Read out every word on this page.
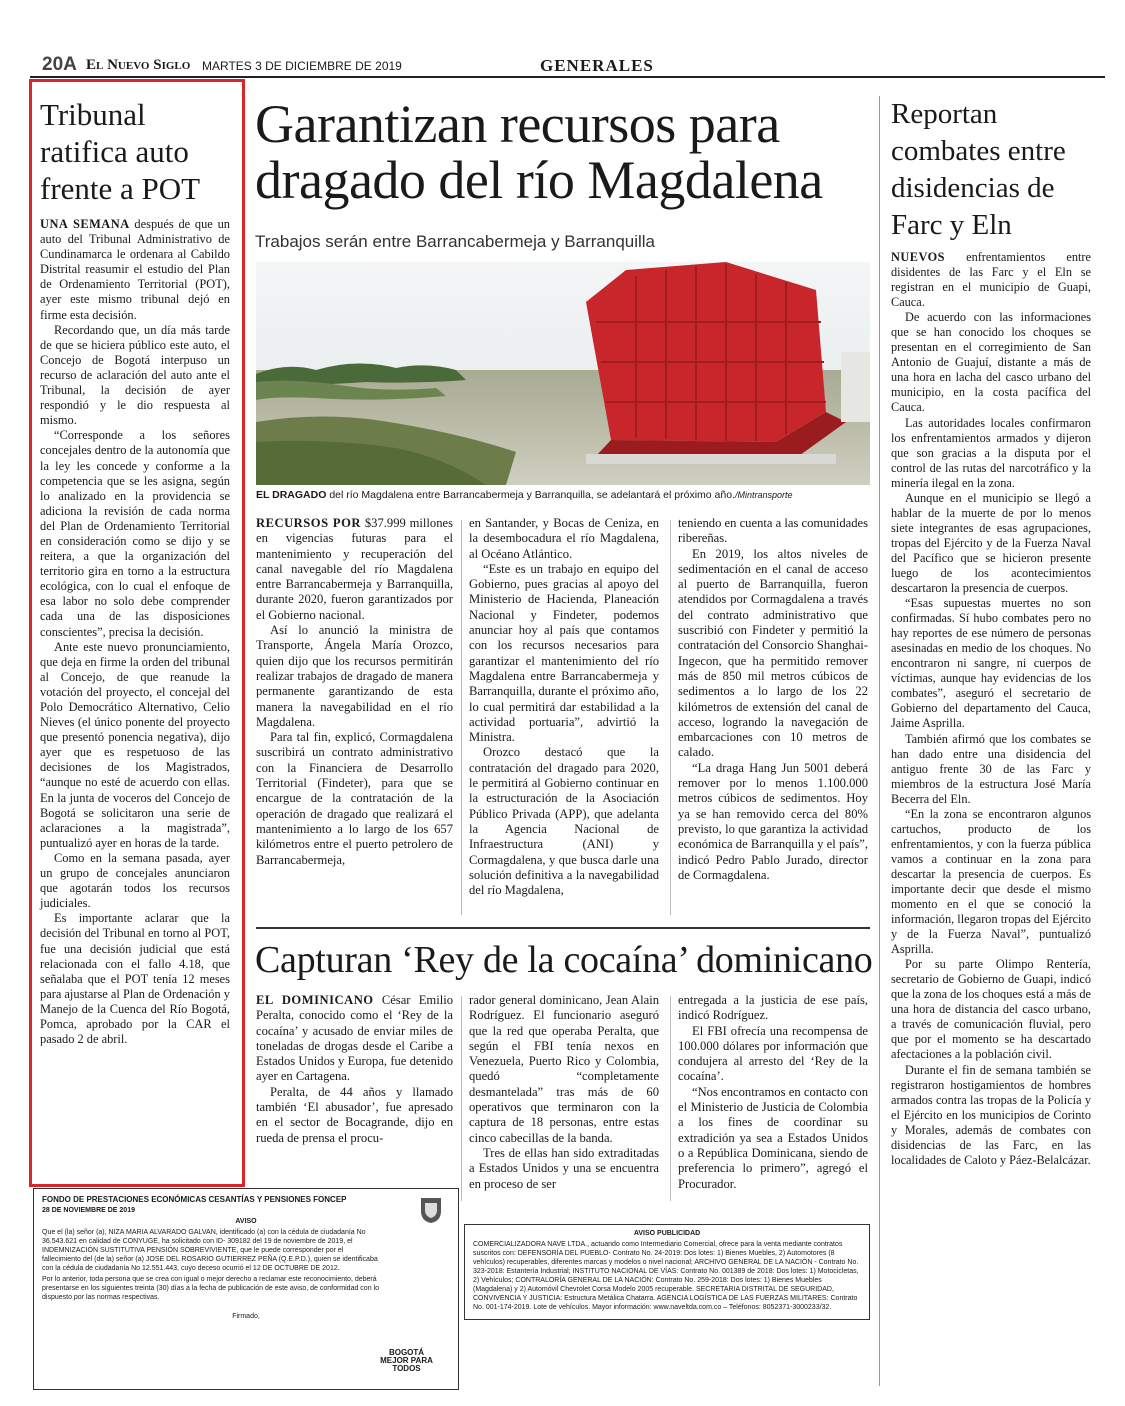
20A El Nuevo Siglo MARTES 3 DE DICIEMBRE DE 2019	GENERALES
Tribunal ratifica auto frente a POT

UNA SEMANA después de que un auto del Tribunal Administrativo de Cundinamarca le ordenara al Cabildo Distrital reasumir el estudio del Plan de Ordenamiento Territorial (POT), ayer este mismo tribunal dejó en firme esta decisión.

Recordando que, un día más tarde de que se hiciera público este auto, el Concejo de Bogotá interpuso un recurso de aclaración del auto ante el Tribunal, la decisión de ayer respondió y le dio respuesta al mismo.

“Corresponde a los señores concejales dentro de la autonomía que la ley les concede y conforme a la competencia que se les asigna, según lo analizado en la providencia se adiciona la revisión de cada norma del Plan de Ordenamiento Territorial en consideración como se dijo y se reitera, a que la organización del territorio gira en torno a la estructura ecológica, con lo cual el enfoque de esa labor no solo debe comprender cada una de las disposiciones conscientes”, precisa la decisión.

Ante este nuevo pronunciamiento, que deja en firme la orden del tribunal al Concejo, de que reanude la votación del proyecto, el concejal del Polo Democrático Alternativo, Celio Nieves (el único ponente del proyecto que presentó ponencia negativa), dijo ayer que es respetuoso de las decisiones de los Magistrados, “aunque no esté de acuerdo con ellas. En la junta de voceros del Concejo de Bogotá se solicitaron una serie de aclaraciones a la magistrada”, puntualizó ayer en horas de la tarde.

Como en la semana pasada, ayer un grupo de concejales anunciaron que agotarán todos los recursos judiciales.

Es importante aclarar que la decisión del Tribunal en torno al POT, fue una decisión judicial que está relacionada con el fallo 4.18, que señalaba que el POT tenía 12 meses para ajustarse al Plan de Ordenación y Manejo de la Cuenca del Río Bogotá, Pomca, aprobado por la CAR el pasado 2 de abril.

FONDO DE PRESTACIONES ECONÓMICAS CESANTÍAS Y PENSIONES FONCEP

28 DE NOVIEMBRE DE 2019

AVISO

Que el (la) señor (a), NIZA MARIA ALVARADO GALVAN, identificado (a) con la cédula de ciudadanía No 36.543.621 en calidad de CONYUGE, ha solicitado con ID- 309182 del 19 de noviembre de 2019, el INDEMNIZACIÓN SUSTITUTIVA PENSIÓN SOBREVIVIENTE, que le puede corresponder por el fallecimiento del (de la) señor (a) JOSE DEL ROSARIO GUTIERREZ PEÑA (Q.E.P.D.), quien se identificaba con la cédula de ciudadanía No 12.551.443, cuyo deceso ocurrió el 12 DE OCTUBRE DE 2012.

Por lo anterior, toda persona que se crea con igual o mejor derecho a reclamar este reconocimiento, deberá presentarse en los siguientes treinta (30) días a la fecha de publicación de este aviso, de conformidad con lo dispuesto por las normas respectivas.

Firmado,

BOGOTÁ MEJOR PARA TODOS
Garantizan recursos para dragado del río Magdalena
Trabajos serán entre Barrancabermeja y Barranquilla
EL DRAGADO del río Magdalena entre Barrancabermeja y Barranquilla, se adelantará el próximo año./Mintransporte

RECURSOS POR $37.999 millones en vigencias futuras para el mantenimiento y recuperación del canal navegable del río Magdalena entre Barrancabermeja y Barranquilla, durante 2020, fueron garantizados por el Gobierno nacional.

Así lo anunció la ministra de Transporte, Ángela María Orozco, quien dijo que los recursos permitirán realizar trabajos de dragado de manera permanente garantizando de esta manera la navegabilidad en el río Magdalena.

Para tal fin, explicó, Cormagdalena suscribirá un contrato administrativo con la Financiera de Desarrollo Territorial (Findeter), para que se encargue de la contratación de la operación de dragado que realizará el mantenimiento a lo largo de los 657 kilómetros entre el puerto petrolero de Barrancabermeja,

en Santander, y Bocas de Ceniza, en la desembocadura el río Magdalena, al Océano Atlántico.

“Este es un trabajo en equipo del Gobierno, pues gracias al apoyo del Ministerio de Hacienda, Planeación Nacional y Findeter, podemos anunciar hoy al país que contamos con los recursos necesarios para garantizar el mantenimiento del río Magdalena entre Barrancabermeja y Barranquilla, durante el próximo año, lo cual permitirá dar estabilidad a la actividad portuaria”, advirtió la Ministra.

Orozco destacó que la contratación del dragado para 2020, le permitirá al Gobierno continuar en la estructuración de la Asociación Público Privada (APP), que adelanta la Agencia Nacional de Infraestructura (ANI) y Cormagdalena, y que busca darle una solución definitiva a la navegabilidad del río Magdalena,

teniendo en cuenta a las comunidades ribereñas.

En 2019, los altos niveles de sedimentación en el canal de acceso al puerto de Barranquilla, fueron atendidos por Cormagdalena a través del contrato administrativo que suscribió con Findeter y permitió la contratación del Consorcio Shanghai-Ingecon, que ha permitido remover más de 850 mil metros cúbicos de sedimentos a lo largo de los 22 kilómetros de extensión del canal de acceso, logrando la navegación de embarcaciones con 10 metros de calado.

“La draga Hang Jun 5001 deberá remover por lo menos 1.100.000 metros cúbicos de sedimentos. Hoy ya se han removido cerca del 80% previsto, lo que garantiza la actividad económica de Barranquilla y el país”, indicó Pedro Pablo Jurado, director de Cormagdalena.

Capturan ‘Rey de la cocaína’ dominicano

EL DOMINICANO César Emilio Peralta, conocido como el ‘Rey de la cocaína’ y acusado de enviar miles de toneladas de drogas desde el Caribe a Estados Unidos y Europa, fue detenido ayer en Cartagena.

Peralta, de 44 años y llamado también ‘El abusador’, fue apresado en el sector de Bocagrande, dijo en rueda de prensa el procu-

rador general dominicano, Jean Alain Rodríguez. El funcionario aseguró que la red que operaba Peralta, que según el FBI tenía nexos en Venezuela, Puerto Rico y Colombia, quedó “completamente desmantelada” tras más de 60 operativos que terminaron con la captura de 18 personas, entre estas cinco cabecillas de la banda.

Tres de ellas han sido extraditadas a Estados Unidos y una se encuentra en proceso de ser

entregada a la justicia de ese país, indicó Rodríguez.

El FBI ofrecía una recompensa de 100.000 dólares por información que condujera al arresto del ‘Rey de la cocaína’.

“Nos encontramos en contacto con el Ministerio de Justicia de Colombia a los fines de coordinar su extradición ya sea a Estados Unidos o a República Dominicana, siendo de preferencia lo primero”, agregó el Procurador.

AVISO PUBLICIDAD

COMERCIALIZADORA NAVE LTDA., actuando como Intermediario Comercial, ofrece para la venta mediante contratos suscritos con: DEFENSORÍA DEL PUEBLO- Contrato No. 24-2019: Dos lotes: 1) Bienes Muebles, 2) Automotores (8 vehículos) recuperables, diferentes marcas y modelos o nivel nacional; ARCHIVO GENERAL DE LA NACIÓN - Contrato No. 323-2018: Estantería Industrial; INSTITUTO NACIONAL DE VÍAS: Contrato No. 001389 de 2018: Dos lotes: 1) Motocicletas, 2) Vehículos; CONTRALORÍA GENERAL DE LA NACIÓN: Contrato No. 259-2018: Dos lotes: 1) Bienes Muebles (Magdalena) y 2) Automóvil Chevrolet Corsa Modelo 2005 recuperable. SECRETARIA DISTRITAL DE SEGURIDAD, CONVIVENCIA Y JUSTICIA: Estructura Metálica Chatarra. AGENCIA LOGÍSTICA DE LAS FUERZAS MILITARES: Contrato No. 001-174-2019. Lote de vehículos. Mayor información: www.naveltda.com.co – Teléfonos: 8052371-3000233/32.

Reportan combates entre disidencias de Farc y Eln

NUEVOS enfrentamientos entre disidentes de las Farc y el Eln se registran en el municipio de Guapi, Cauca.

De acuerdo con las informaciones que se han conocido los choques se presentan en el corregimiento de San Antonio de Guajuí, distante a más de una hora en lacha del casco urbano del municipio, en la costa pacífica del Cauca.

Las autoridades locales confirmaron los enfrentamientos armados y dijeron que son gracias a la disputa por el control de las rutas del narcotráfico y la minería ilegal en la zona.

Aunque en el municipio se llegó a hablar de la muerte de por lo menos siete integrantes de esas agrupaciones, tropas del Ejército y de la Fuerza Naval del Pacífico que se hicieron presente luego de los acontecimientos descartaron la presencia de cuerpos.

“Esas supuestas muertes no son confirmadas. Sí hubo combates pero no hay reportes de ese número de personas asesinadas en medio de los choques. No encontraron ni sangre, ni cuerpos de víctimas, aunque hay evidencias de los combates”, aseguró el secretario de Gobierno del departamento del Cauca, Jaime Asprilla.

También afirmó que los combates se han dado entre una disidencia del antiguo frente 30 de las Farc y miembros de la estructura José María Becerra del Eln.

“En la zona se encontraron algunos cartuchos, producto de los enfrentamientos, y con la fuerza pública vamos a continuar en la zona para descartar la presencia de cuerpos. Es importante decir que desde el mismo momento en el que se conoció la información, llegaron tropas del Ejército y de la Fuerza Naval”, puntualizó Asprilla.

Por su parte Olimpo Rentería, secretario de Gobierno de Guapi, indicó que la zona de los choques está a más de una hora de distancia del casco urbano, a través de comunicación fluvial, pero que por el momento se ha descartado afectaciones a la población civil.

Durante el fin de semana también se registraron hostigamientos de hombres armados contra las tropas de la Policía y el Ejército en los municipios de Corinto y Morales, además de combates con disidencias de las Farc, en las localidades de Caloto y Páez-Belalcázar.
